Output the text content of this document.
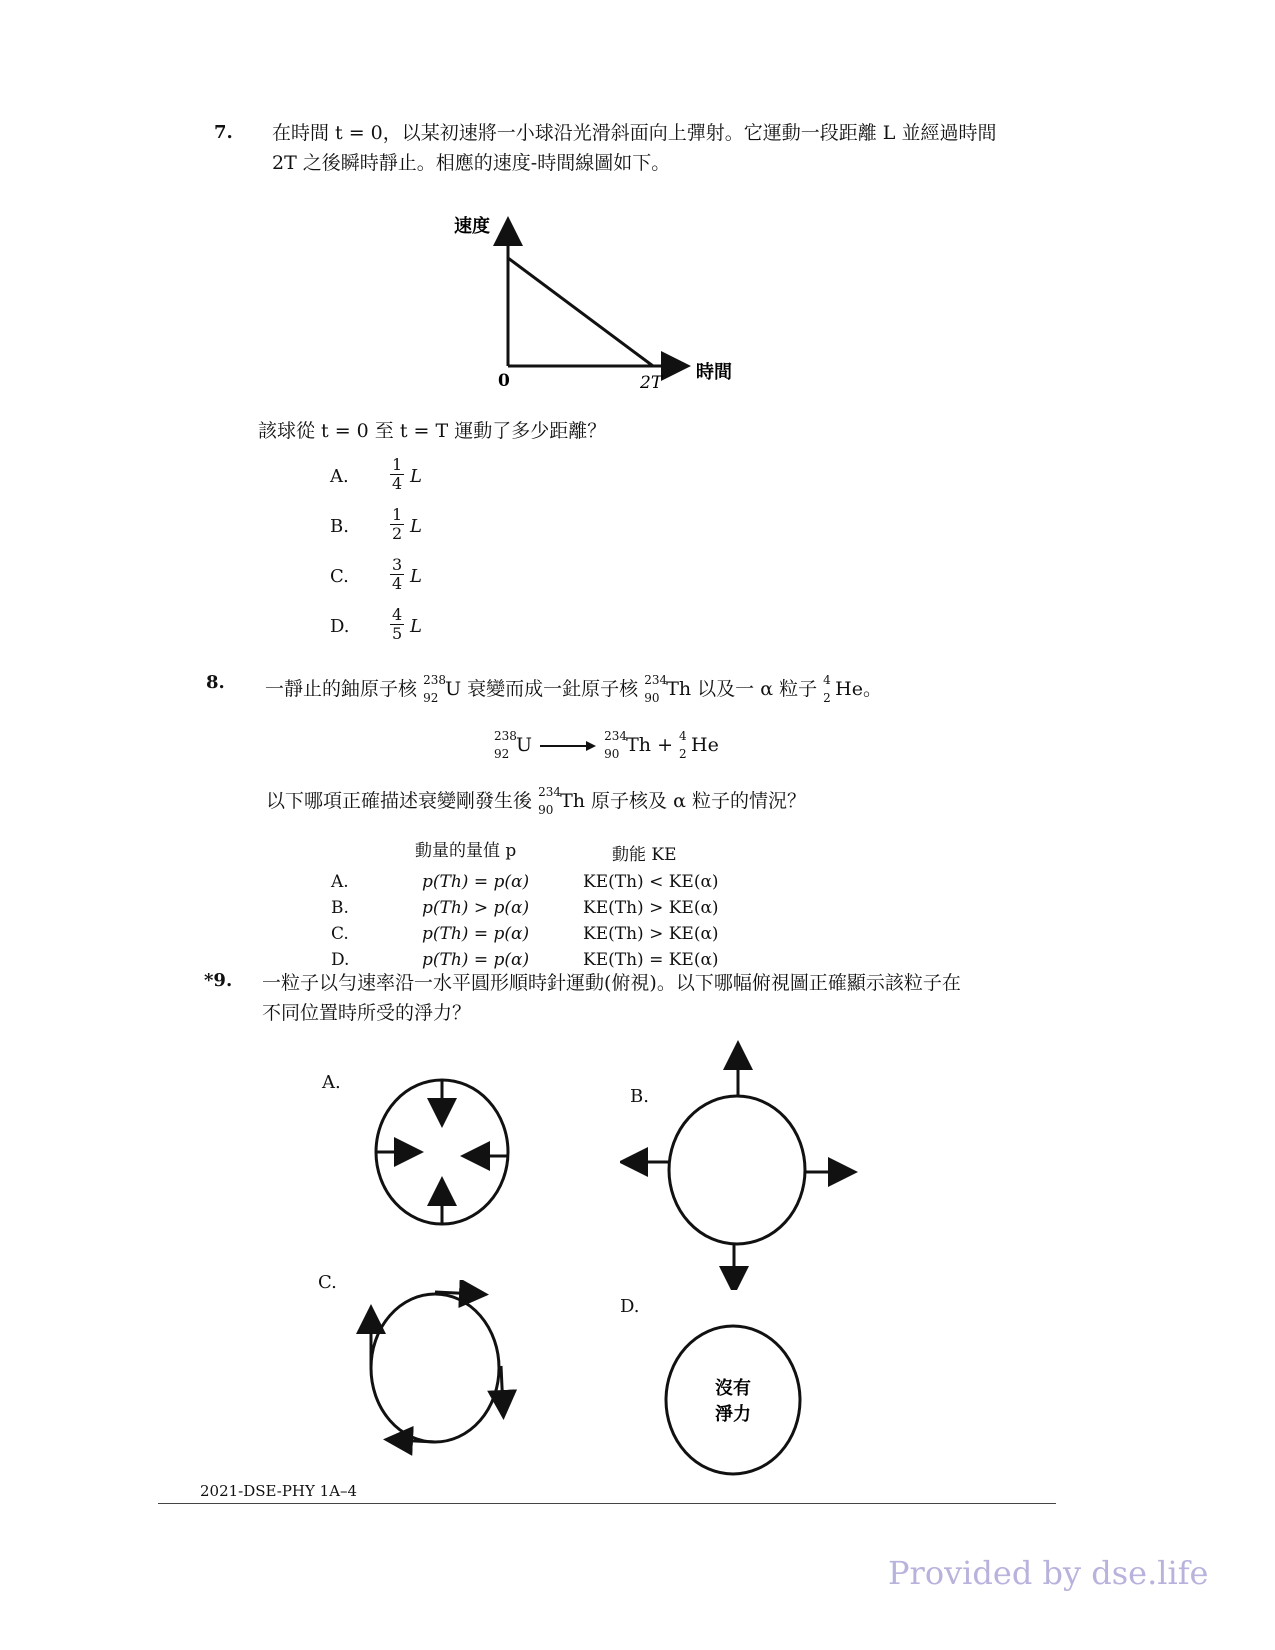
7. 在時間 t = 0，以某初速將一小球沿光滑斜面向上彈射。它運動一段距離 L 並經過時間
2T 之後瞬時靜止。相應的速度-時間線圖如下。
速度
時間
0	2T
該球從 t = 0 至 t = T 運動了多少距離？
A.	$\frac{1}{4}$ L
B.	$\frac{1}{2}$ L
C.	$\frac{3}{4}$ L
D.	$\frac{4}{5}$ L
8. 一靜止的鈾原子核 238
92 U 衰變而成一釷原子核 234
90 Th 以及一 α 粒子 4
2 He。
238
92 U →
234
90 Th + 4
2 He
以下哪項正確描述衰變剛發生後 234
90 Th 原子核及 α 粒子的情況？
	動量的量值 p	動能 KE
A.	p(Th) = p(α)	KE(Th) < KE(α)
B.	p(Th) > p(α)	KE(Th) > KE(α)
C.	p(Th) = p(α)	KE(Th) > KE(α)
D.	p(Th) = p(α)	KE(Th) = KE(α)
*9. 一粒子以勻速率沿一水平圓形順時針運動(俯視)。以下哪幅俯視圖正確顯示該粒子在
不同位置時所受的淨力？
A.
B.
C.
D.
沒有
淨力
2021-DSE-PHY 1A–4
Provided by dse.life
